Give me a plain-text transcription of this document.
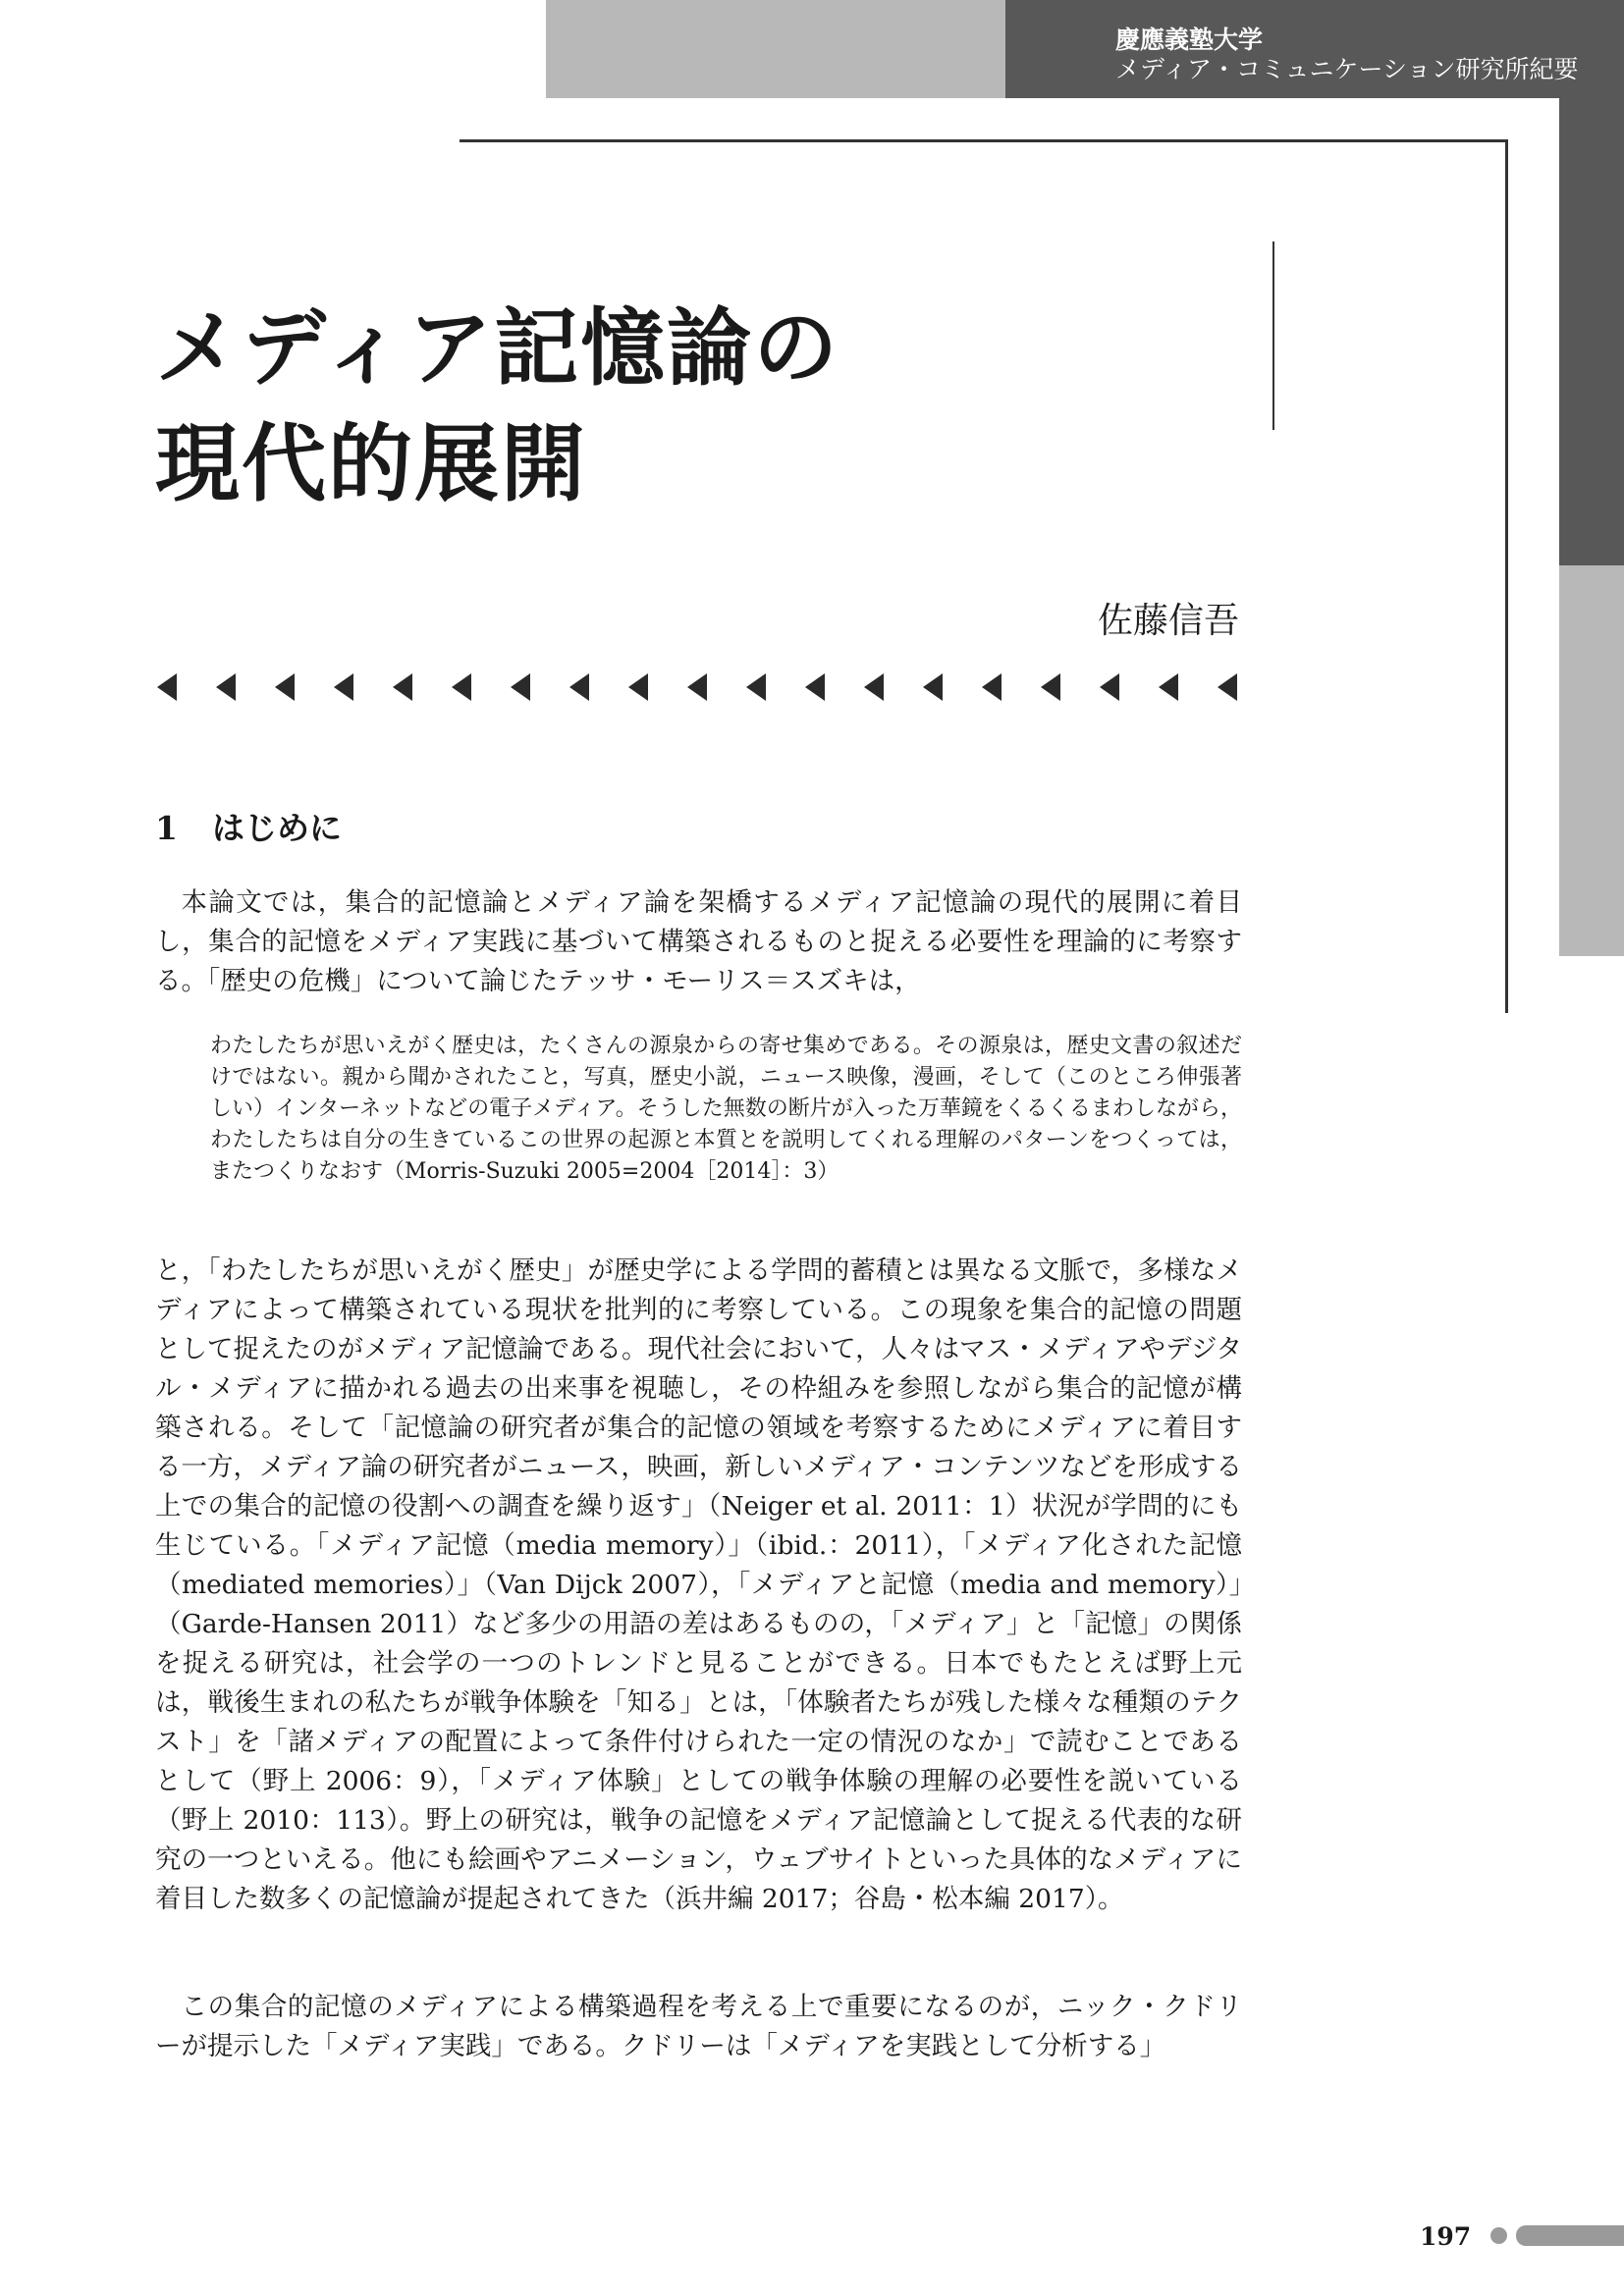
慶應義塾大学
メディア・コミュニケーション研究所紀要
メディア記憶論の
現代的展開
佐藤信吾
1 はじめに

本論文では，集合的記憶論とメディア論を架橋するメディア記憶論の現代的展開に着目し，集合的記憶をメディア実践に基づいて構築されるものと捉える必要性を理論的に考察する。「歴史の危機」について論じたテッサ・モーリス＝スズキは，

わたしたちが思いえがく歴史は，たくさんの源泉からの寄せ集めである。その源泉は，歴史文書の叙述だけではない。親から聞かされたこと，写真，歴史小説，ニュース映像，漫画，そして（このところ伸張著しい）インターネットなどの電子メディア。そうした無数の断片が入った万華鏡をくるくるまわしながら，わたしたちは自分の生きているこの世界の起源と本質とを説明してくれる理解のパターンをつくっては，またつくりなおす（Morris-Suzuki 2005=2004［2014］：3）

と，「わたしたちが思いえがく歴史」が歴史学による学問的蓄積とは異なる文脈で，多様なメディアによって構築されている現状を批判的に考察している。この現象を集合的記憶の問題として捉えたのがメディア記憶論である。現代社会において，人々はマス・メディアやデジタル・メディアに描かれる過去の出来事を視聴し，その枠組みを参照しながら集合的記憶が構築される。そして「記憶論の研究者が集合的記憶の領域を考察するためにメディアに着目する一方，メディア論の研究者がニュース，映画，新しいメディア・コンテンツなどを形成する上での集合的記憶の役割への調査を繰り返す」（Neiger et al. 2011：1）状況が学問的にも生じている。「メディア記憶（media memory）」（ibid.：2011），「メディア化された記憶（mediated memories）」（Van Dijck 2007），「メディアと記憶（media and memory）」（Garde-Hansen 2011）など多少の用語の差はあるものの，「メディア」と「記憶」の関係を捉える研究は，社会学の一つのトレンドと見ることができる。日本でもたとえば野上元は，戦後生まれの私たちが戦争体験を「知る」とは，「体験者たちが残した様々な種類のテクスト」を「諸メディアの配置によって条件付けられた一定の情況のなか」で読むことであるとして（野上 2006：9），「メディア体験」としての戦争体験の理解の必要性を説いている（野上 2010：113）。野上の研究は，戦争の記憶をメディア記憶論として捉える代表的な研究の一つといえる。他にも絵画やアニメーション，ウェブサイトといった具体的なメディアに着目した数多くの記憶論が提起されてきた（浜井編 2017；谷島・松本編 2017）。

この集合的記憶のメディアによる構築過程を考える上で重要になるのが，ニック・クドリーが提示した「メディア実践」である。クドリーは「メディアを実践として分析する」

197
